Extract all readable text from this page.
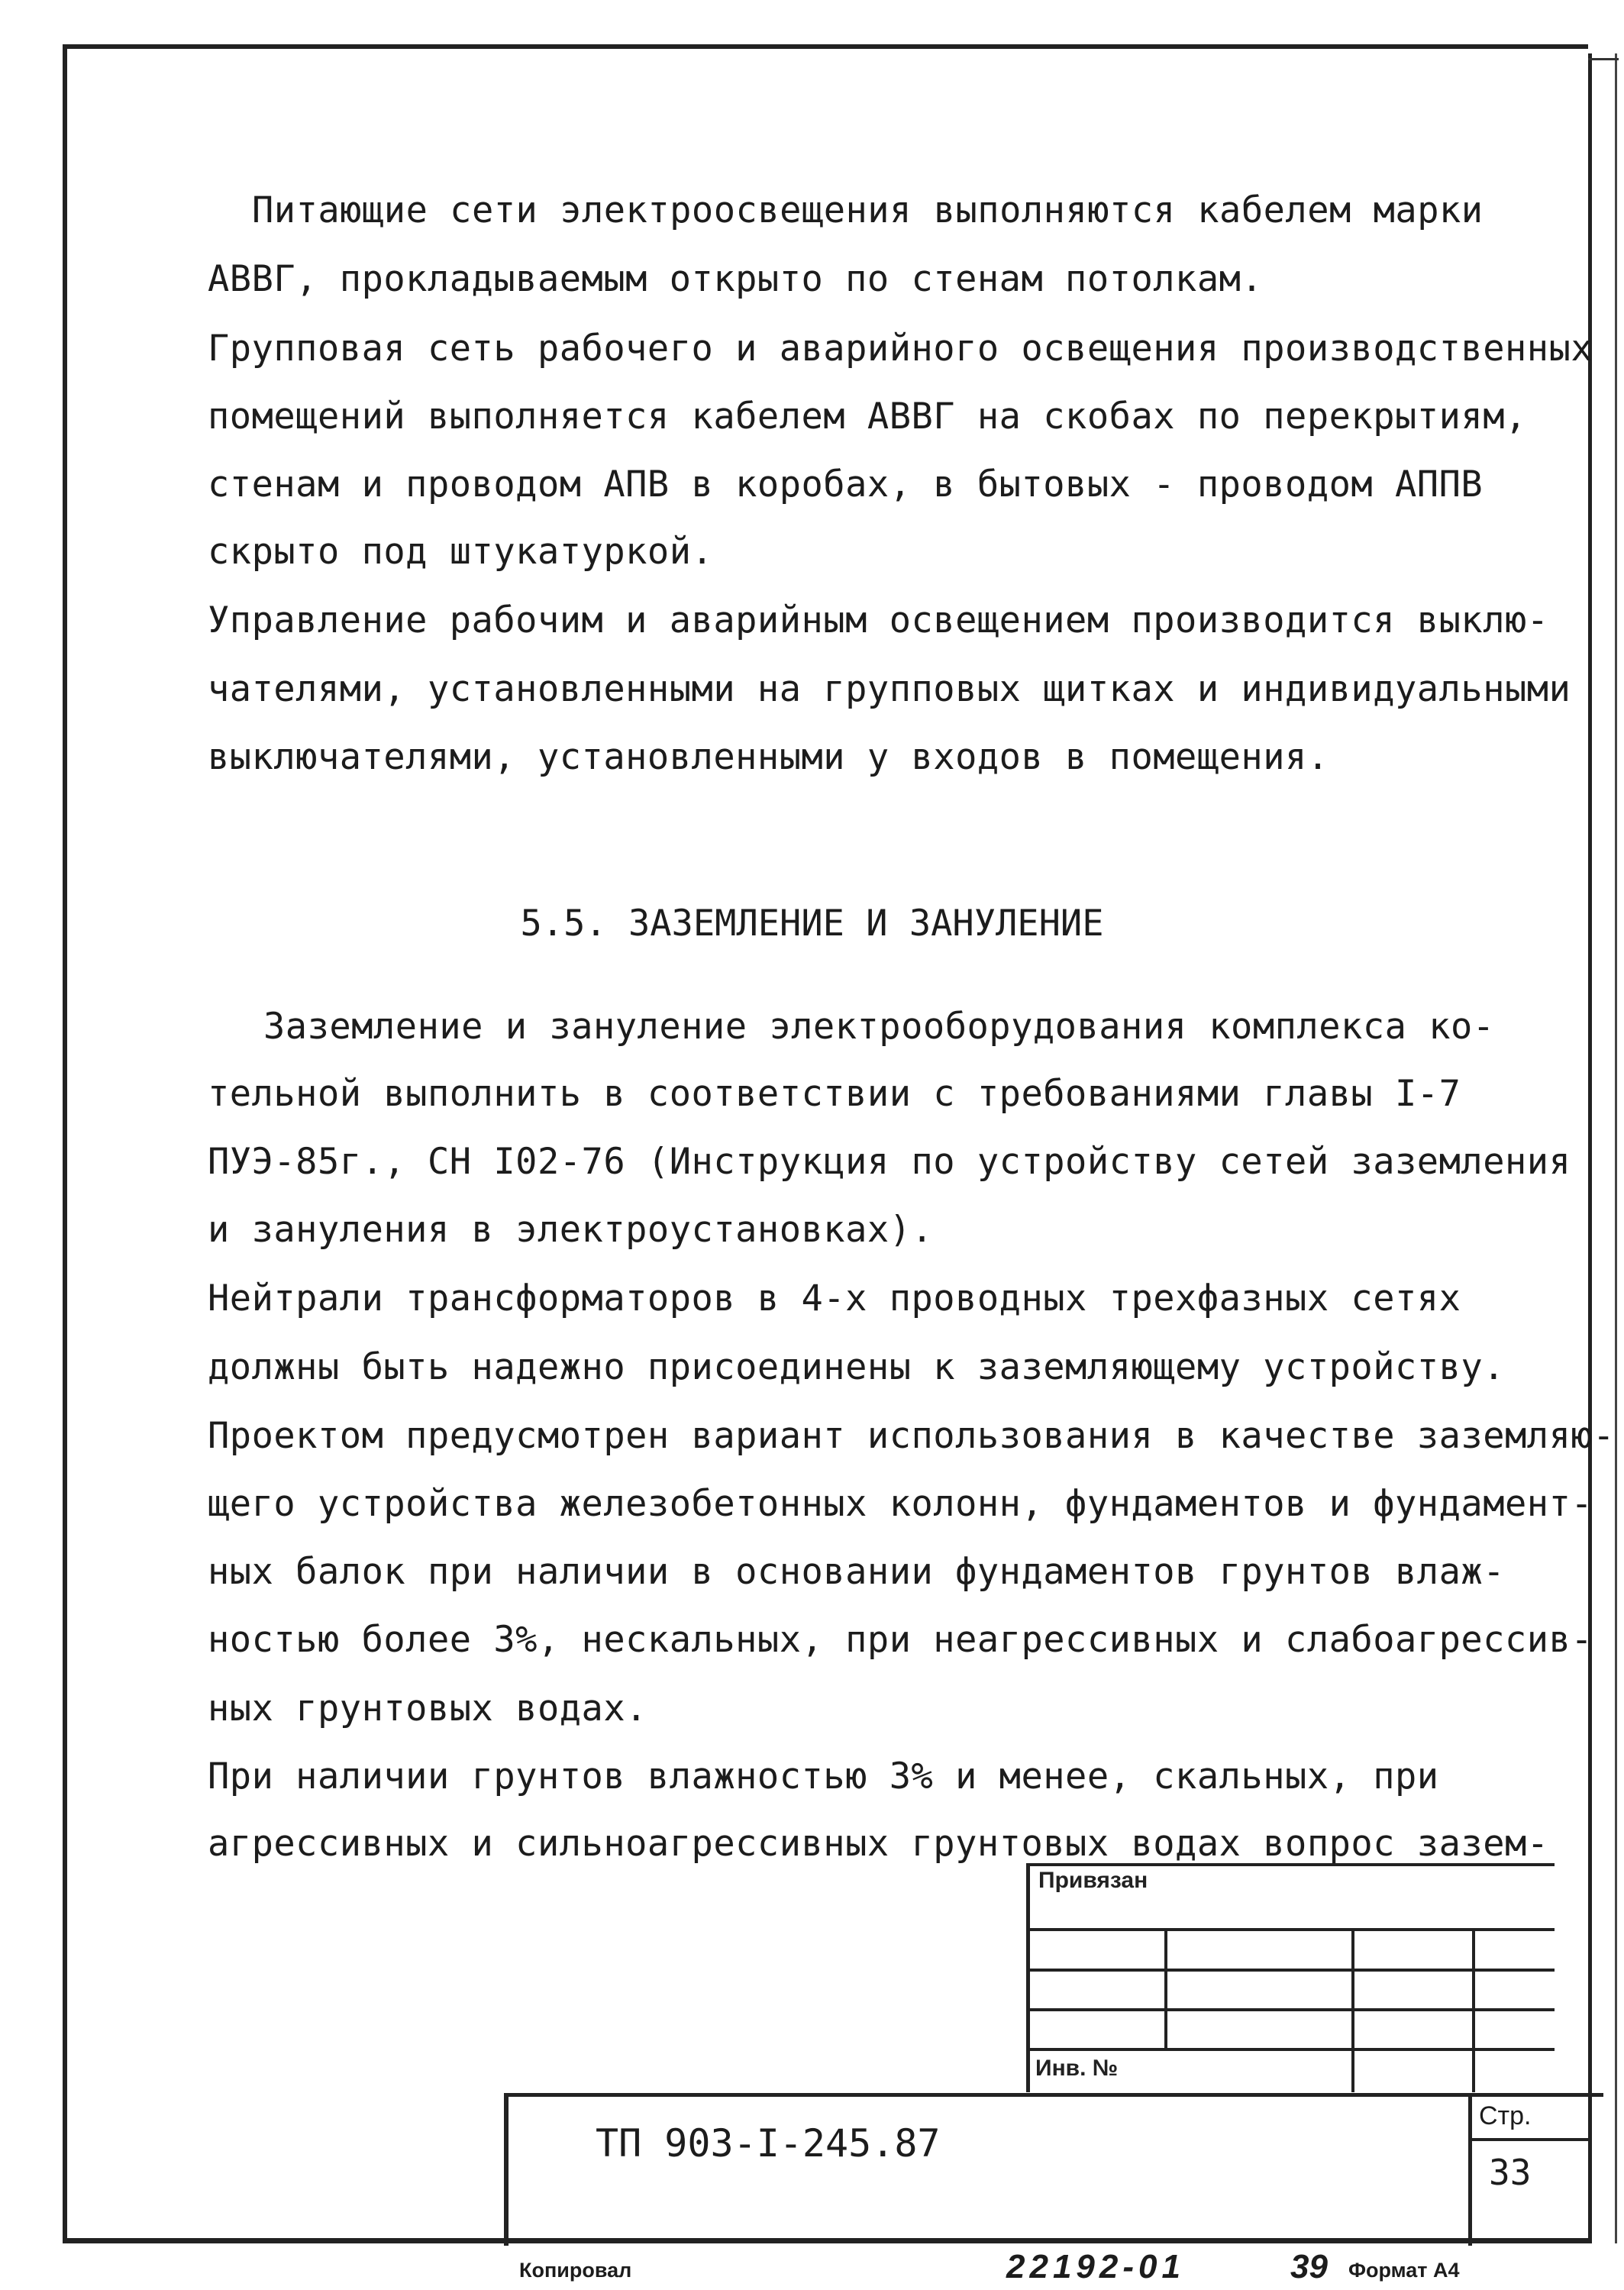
Питающие сети электроосвещения выполняются кабелем марки
АВВГ, прокладываемым открыто по стенам потолкам.
Групповая сеть рабочего и аварийного освещения производственных
помещений выполняется кабелем АВВГ на скобах по перекрытиям,
стенам и проводом АПВ в коробах, в бытовых - проводом АППВ
скрыто под штукатуркой.
Управление рабочим и аварийным освещением производится выклю-
чателями, установленными на групповых щитках и индивидуальными
выключателями, установленными у входов в помещения.
5.5. ЗАЗЕМЛЕНИЕ И ЗАНУЛЕНИЕ
Заземление и зануление электрооборудования комплекса ко-
тельной выполнить в соответствии с требованиями главы I-7
ПУЭ-85г., СН I02-76 (Инструкция по устройству сетей заземления
и зануления в электроустановках).
Нейтрали трансформаторов в 4-х проводных трехфазных сетях
должны быть надежно присоединены к заземляющему устройству.
Проектом предусмотрен вариант использования в качестве заземляю-
щего устройства железобетонных колонн, фундаментов и фундамент-
ных балок при наличии в основании фундаментов грунтов влаж-
ностью более 3%, нескальных, при неагрессивных и слабоагрессив-
ных грунтовых водах.
При наличии грунтов влажностью 3% и менее, скальных, при
агрессивных и сильноагрессивных грунтовых водах вопрос зазем-
Привязан
Инв. №
ТП 903-I-245.87
Стр.
33
Копировал	22192-01	39 Формат А4
